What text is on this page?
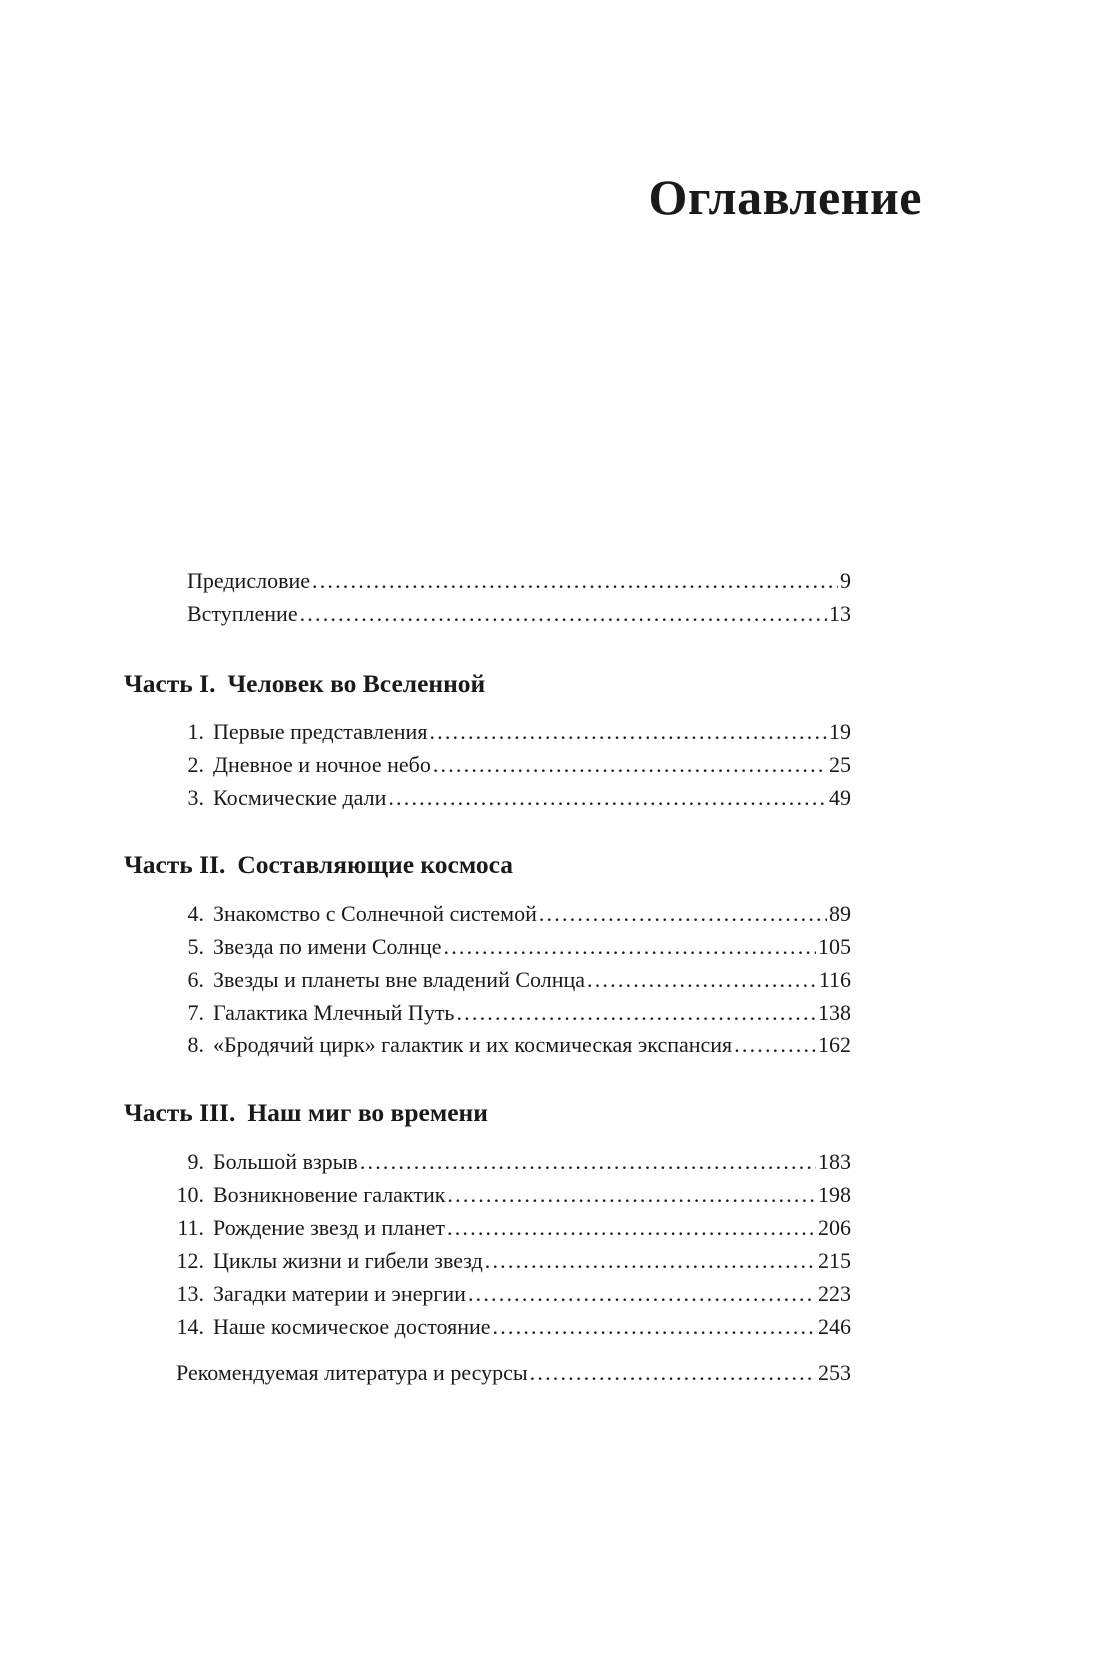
Оглавление
Предисловие .....	9
Вступление .....	13
Часть I. Человек во Вселенной
1. Первые представления .....	19
2. Дневное и ночное небо .....	25
3. Космические дали .....	49
Часть II. Составляющие космоса
4. Знакомство с Солнечной системой .....	89
5. Звезда по имени Солнце .....	105
6. Звезды и планеты вне владений Солнца .....	116
7. Галактика Млечный Путь .....	138
8. «Бродячий цирк» галактик и их космическая экспансия .....	162
Часть III. Наш миг во времени
9. Большой взрыв .....	183
10. Возникновение галактик .....	198
11. Рождение звезд и планет .....	206
12. Циклы жизни и гибели звезд .....	215
13. Загадки материи и энергии .....	223
14. Наше космическое достояние .....	246
Рекомендуемая литература и ресурсы .....	253
